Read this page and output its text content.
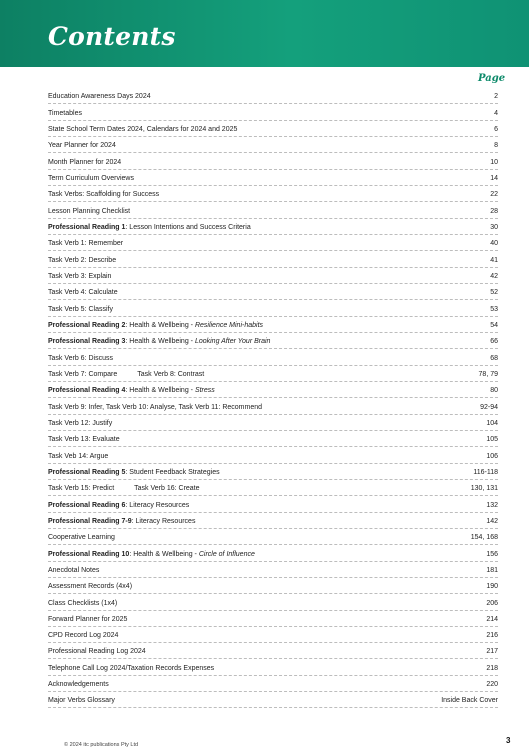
Contents
Page
Education Awareness Days 2024	2
Timetables	4
State School Term Dates 2024, Calendars for 2024 and 2025	6
Year Planner for 2024	8
Month Planner for 2024	10
Term Curriculum Overviews	14
Task Verbs: Scaffolding for Success	22
Lesson Planning Checklist	28
Professional Reading 1: Lesson Intentions and Success Criteria	30
Task Verb 1: Remember	40
Task Verb 2: Describe	41
Task Verb 3: Explain	42
Task Verb 4: Calculate	52
Task Verb 5: Classify	53
Professional Reading 2: Health & Wellbeing - Resilience Mini-habits	54
Professional Reading 3: Health & Wellbeing - Looking After Your Brain	66
Task Verb 6: Discuss	68
Task Verb 7: Compare	Task Verb 8: Contrast	78, 79
Professional Reading 4: Health & Wellbeing - Stress	80
Task Verb 9: Infer, Task Verb 10: Analyse, Task Verb 11: Recommend	92-94
Task Verb 12: Justify	104
Task Verb 13: Evaluate	105
Task Veb 14: Argue	106
Professional Reading 5: Student Feedback Strategies	116-118
Task Verb 15: Predict	Task Verb 16: Create	130, 131
Professional Reading 6: Literacy Resources	132
Professional Reading 7-9: Literacy Resources	142
Cooperative Learning	154, 168
Professional Reading 10: Health & Wellbeing - Circle of Influence	156
Anecdotal Notes	181
Assessment Records (4x4)	190
Class Checklists (1x4)	206
Forward Planner for 2025	214
CPD Record Log 2024	216
Professional Reading Log 2024	217
Telephone Call Log 2024/Taxation Records Expenses	218
Acknowledgements	220
Major Verbs Glossary	Inside Back Cover
© 2024 itc publications Pty Ltd	3
